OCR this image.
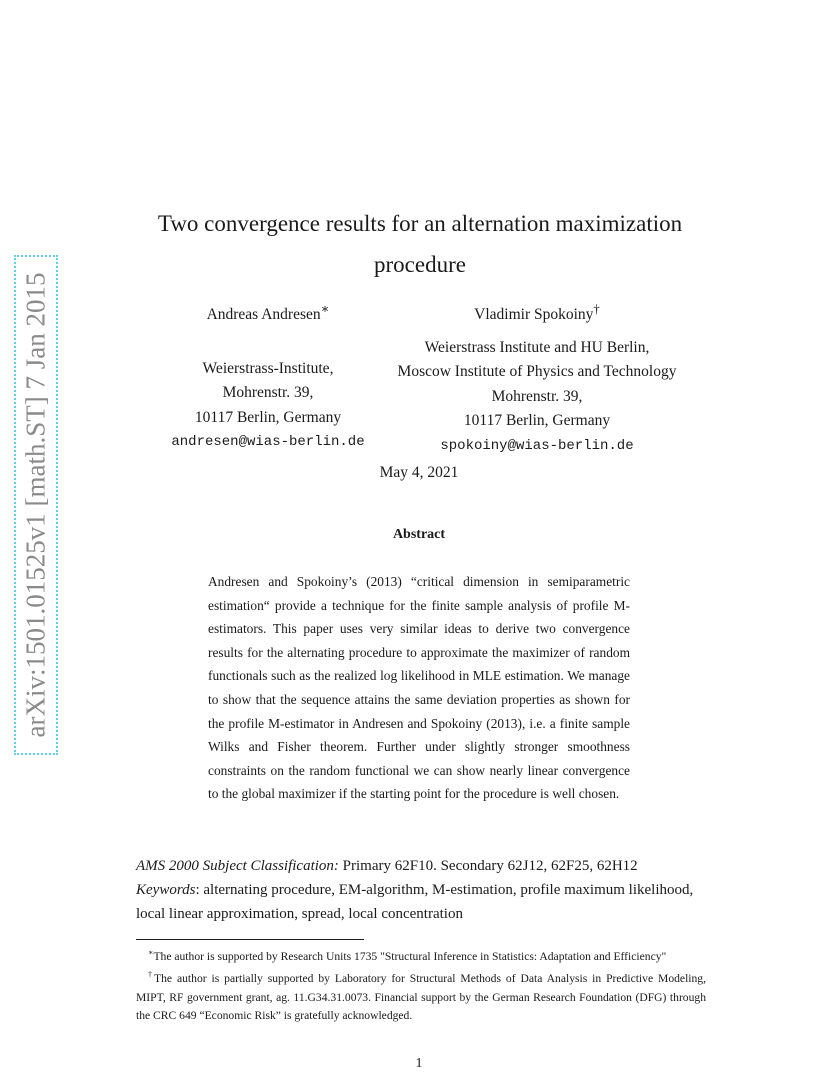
arXiv:1501.01525v1 [math.ST] 7 Jan 2015
Two convergence results for an alternation maximization
procedure
Andreas Andresen∗
Weierstrass-Institute,
Mohrenstr. 39,
10117 Berlin, Germany
andresen@wias-berlin.de
Vladimir Spokoiny†
Weierstrass Institute and HU Berlin,
Moscow Institute of Physics and Technology
Mohrenstr. 39,
10117 Berlin, Germany
spokoiny@wias-berlin.de
May 4, 2021
Abstract

Andresen and Spokoiny’s (2013) “critical dimension in semiparametric estimation“ provide a technique for the finite sample analysis of profile M-estimators. This paper uses very similar ideas to derive two convergence results for the alternating procedure to approximate the maximizer of random functionals such as the realized log likelihood in MLE estimation. We manage to show that the sequence attains the same deviation properties as shown for the profile M-estimator in Andresen and Spokoiny (2013), i.e. a finite sample Wilks and Fisher theorem. Further under slightly stronger smoothness constraints on the random functional we can show nearly linear convergence to the global maximizer if the starting point for the procedure is well chosen.

AMS 2000 Subject Classification: Primary 62F10. Secondary 62J12, 62F25, 62H12

Keywords: alternating procedure, EM-algorithm, M-estimation, profile maximum likelihood, local linear approximation, spread, local concentration

∗The author is supported by Research Units 1735 "Structural Inference in Statistics: Adaptation and Efficiency"

†The author is partially supported by Laboratory for Structural Methods of Data Analysis in Predictive Modeling, MIPT, RF government grant, ag. 11.G34.31.0073. Financial support by the German Research Foundation (DFG) through the CRC 649 “Economic Risk” is gratefully acknowledged.

1
